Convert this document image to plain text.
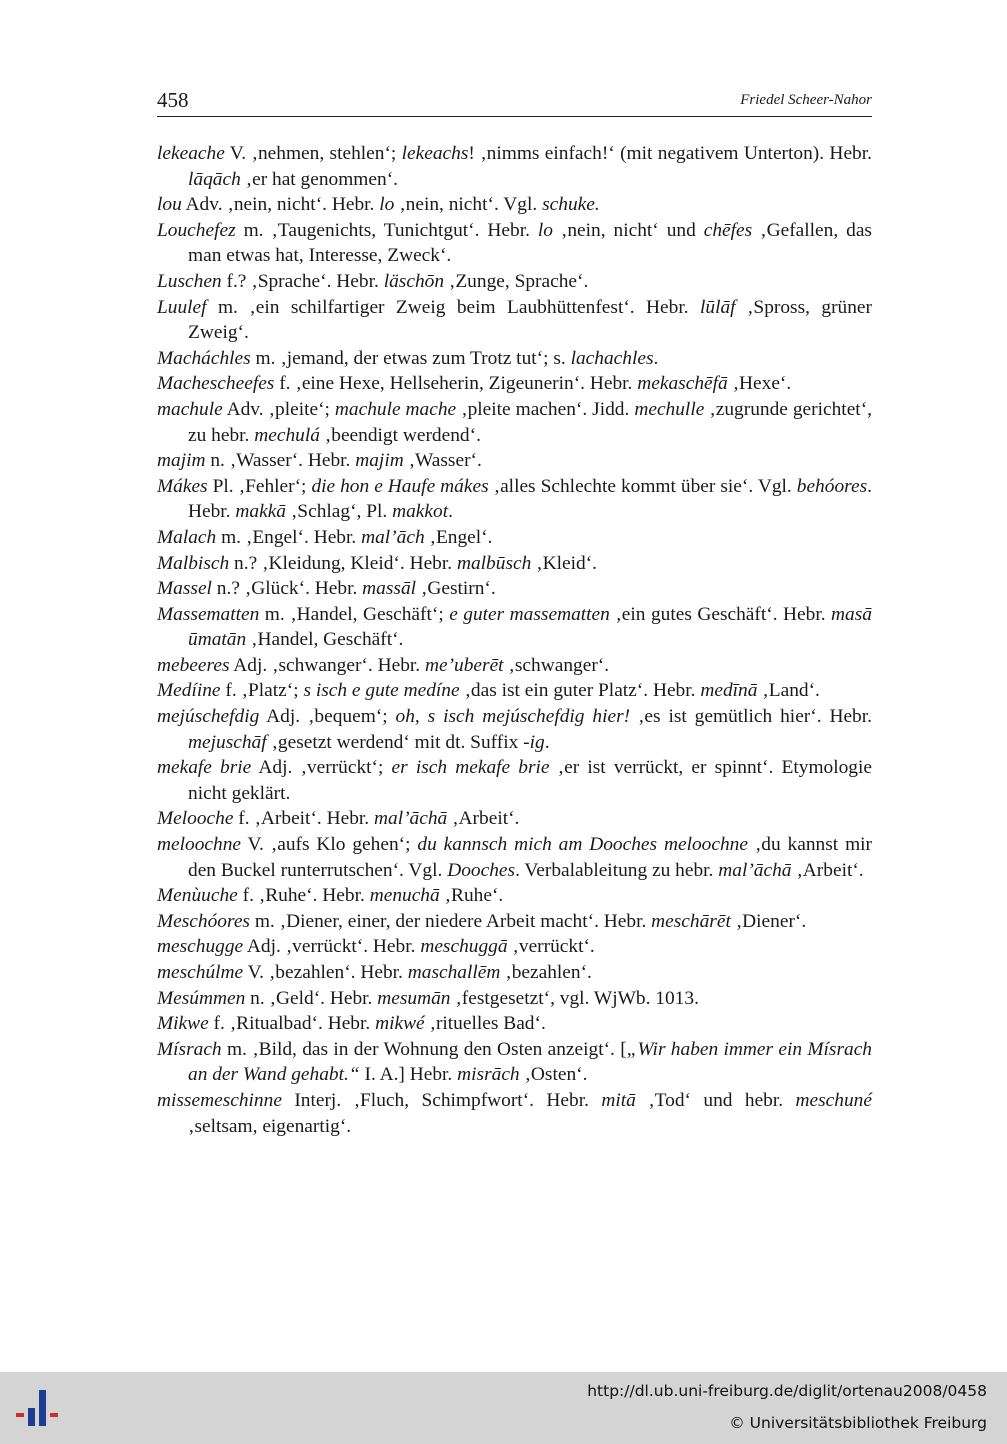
458	Friedel Scheer-Nahor

lekeache V. ‚nehmen, stehlen‘; lekeachs! ‚nimms einfach!‘ (mit negativem Unterton). Hebr. lāqāch ‚er hat genommen‘.

lou Adv. ‚nein, nicht‘. Hebr. lo ‚nein, nicht‘. Vgl. schuke.

Louchefez m. ‚Taugenichts, Tunichtgut‘. Hebr. lo ‚nein, nicht‘ und chēfes ‚Gefallen, das man etwas hat, Interesse, Zweck‘.

Luschen f.? ‚Sprache‘. Hebr. läschōn ‚Zunge, Sprache‘.

Luulef m. ‚ein schilfartiger Zweig beim Laubhüttenfest‘. Hebr. lūlāf ‚Spross, grüner Zweig‘.

Macháchles m. ‚jemand, der etwas zum Trotz tut‘; s. lachachles.

Machescheefes f. ‚eine Hexe, Hellseherin, Zigeunerin‘. Hebr. mekaschēfā ‚Hexe‘.

machule Adv. ‚pleite‘; machule mache ‚pleite machen‘. Jidd. mechulle ‚zugrunde gerichtet‘, zu hebr. mechulá ‚beendigt werdend‘.

majim n. ‚Wasser‘. Hebr. majim ‚Wasser‘.

Mákes Pl. ‚Fehler‘; die hon e Haufe mákes ‚alles Schlechte kommt über sie‘. Vgl. behóores. Hebr. makkā ‚Schlag‘, Pl. makkot.

Malach m. ‚Engel‘. Hebr. mal’āch ‚Engel‘.

Malbisch n.? ‚Kleidung, Kleid‘. Hebr. malbūsch ‚Kleid‘.

Massel n.? ‚Glück‘. Hebr. massāl ‚Gestirn‘.

Massematten m. ‚Handel, Geschäft‘; e guter massematten ‚ein gutes Geschäft‘. Hebr. masā ūmatān ‚Handel, Geschäft‘.

mebeeres Adj. ‚schwanger‘. Hebr. me’uberēt ‚schwanger‘.

Medíine f. ‚Platz‘; s isch e gute medíne ‚das ist ein guter Platz‘. Hebr. medīnā ‚Land‘.

mejúschefdig Adj. ‚bequem‘; oh, s isch mejúschefdig hier! ‚es ist gemütlich hier‘. Hebr. mejuschāf ‚gesetzt werdend‘ mit dt. Suffix -ig.

mekafe brie Adj. ‚verrückt‘; er isch mekafe brie ‚er ist verrückt, er spinnt‘. Etymologie nicht geklärt.

Melooche f. ‚Arbeit‘. Hebr. mal’āchā ‚Arbeit‘.

meloochne V. ‚aufs Klo gehen‘; du kannsch mich am Dooches meloochne ‚du kannst mir den Buckel runterrutschen‘. Vgl. Dooches. Verbalableitung zu hebr. mal’āchā ‚Arbeit‘.

Menùuche f. ‚Ruhe‘. Hebr. menuchā ‚Ruhe‘.

Meschóores m. ‚Diener, einer, der niedere Arbeit macht‘. Hebr. meschārēt ‚Diener‘.

meschugge Adj. ‚verrückt‘. Hebr. meschuggā ‚verrückt‘.

meschúlme V. ‚bezahlen‘. Hebr. maschallēm ‚bezahlen‘.

Mesúmmen n. ‚Geld‘. Hebr. mesumān ‚festgesetzt‘, vgl. WjWb. 1013.

Mikwe f. ‚Ritualbad‘. Hebr. mikwé ‚rituelles Bad‘.

Mísrach m. ‚Bild, das in der Wohnung den Osten anzeigt‘. [„Wir haben immer ein Mísrach an der Wand gehabt.“ I. A.] Hebr. misrāch ‚Osten‘.

missemeschinne Interj. ‚Fluch, Schimpfwort‘. Hebr. mitā ‚Tod‘ und hebr. meschuné ‚seltsam, eigenartig‘.

http://dl.ub.uni-freiburg.de/diglit/ortenau2008/0458
© Universitätsbibliothek Freiburg
